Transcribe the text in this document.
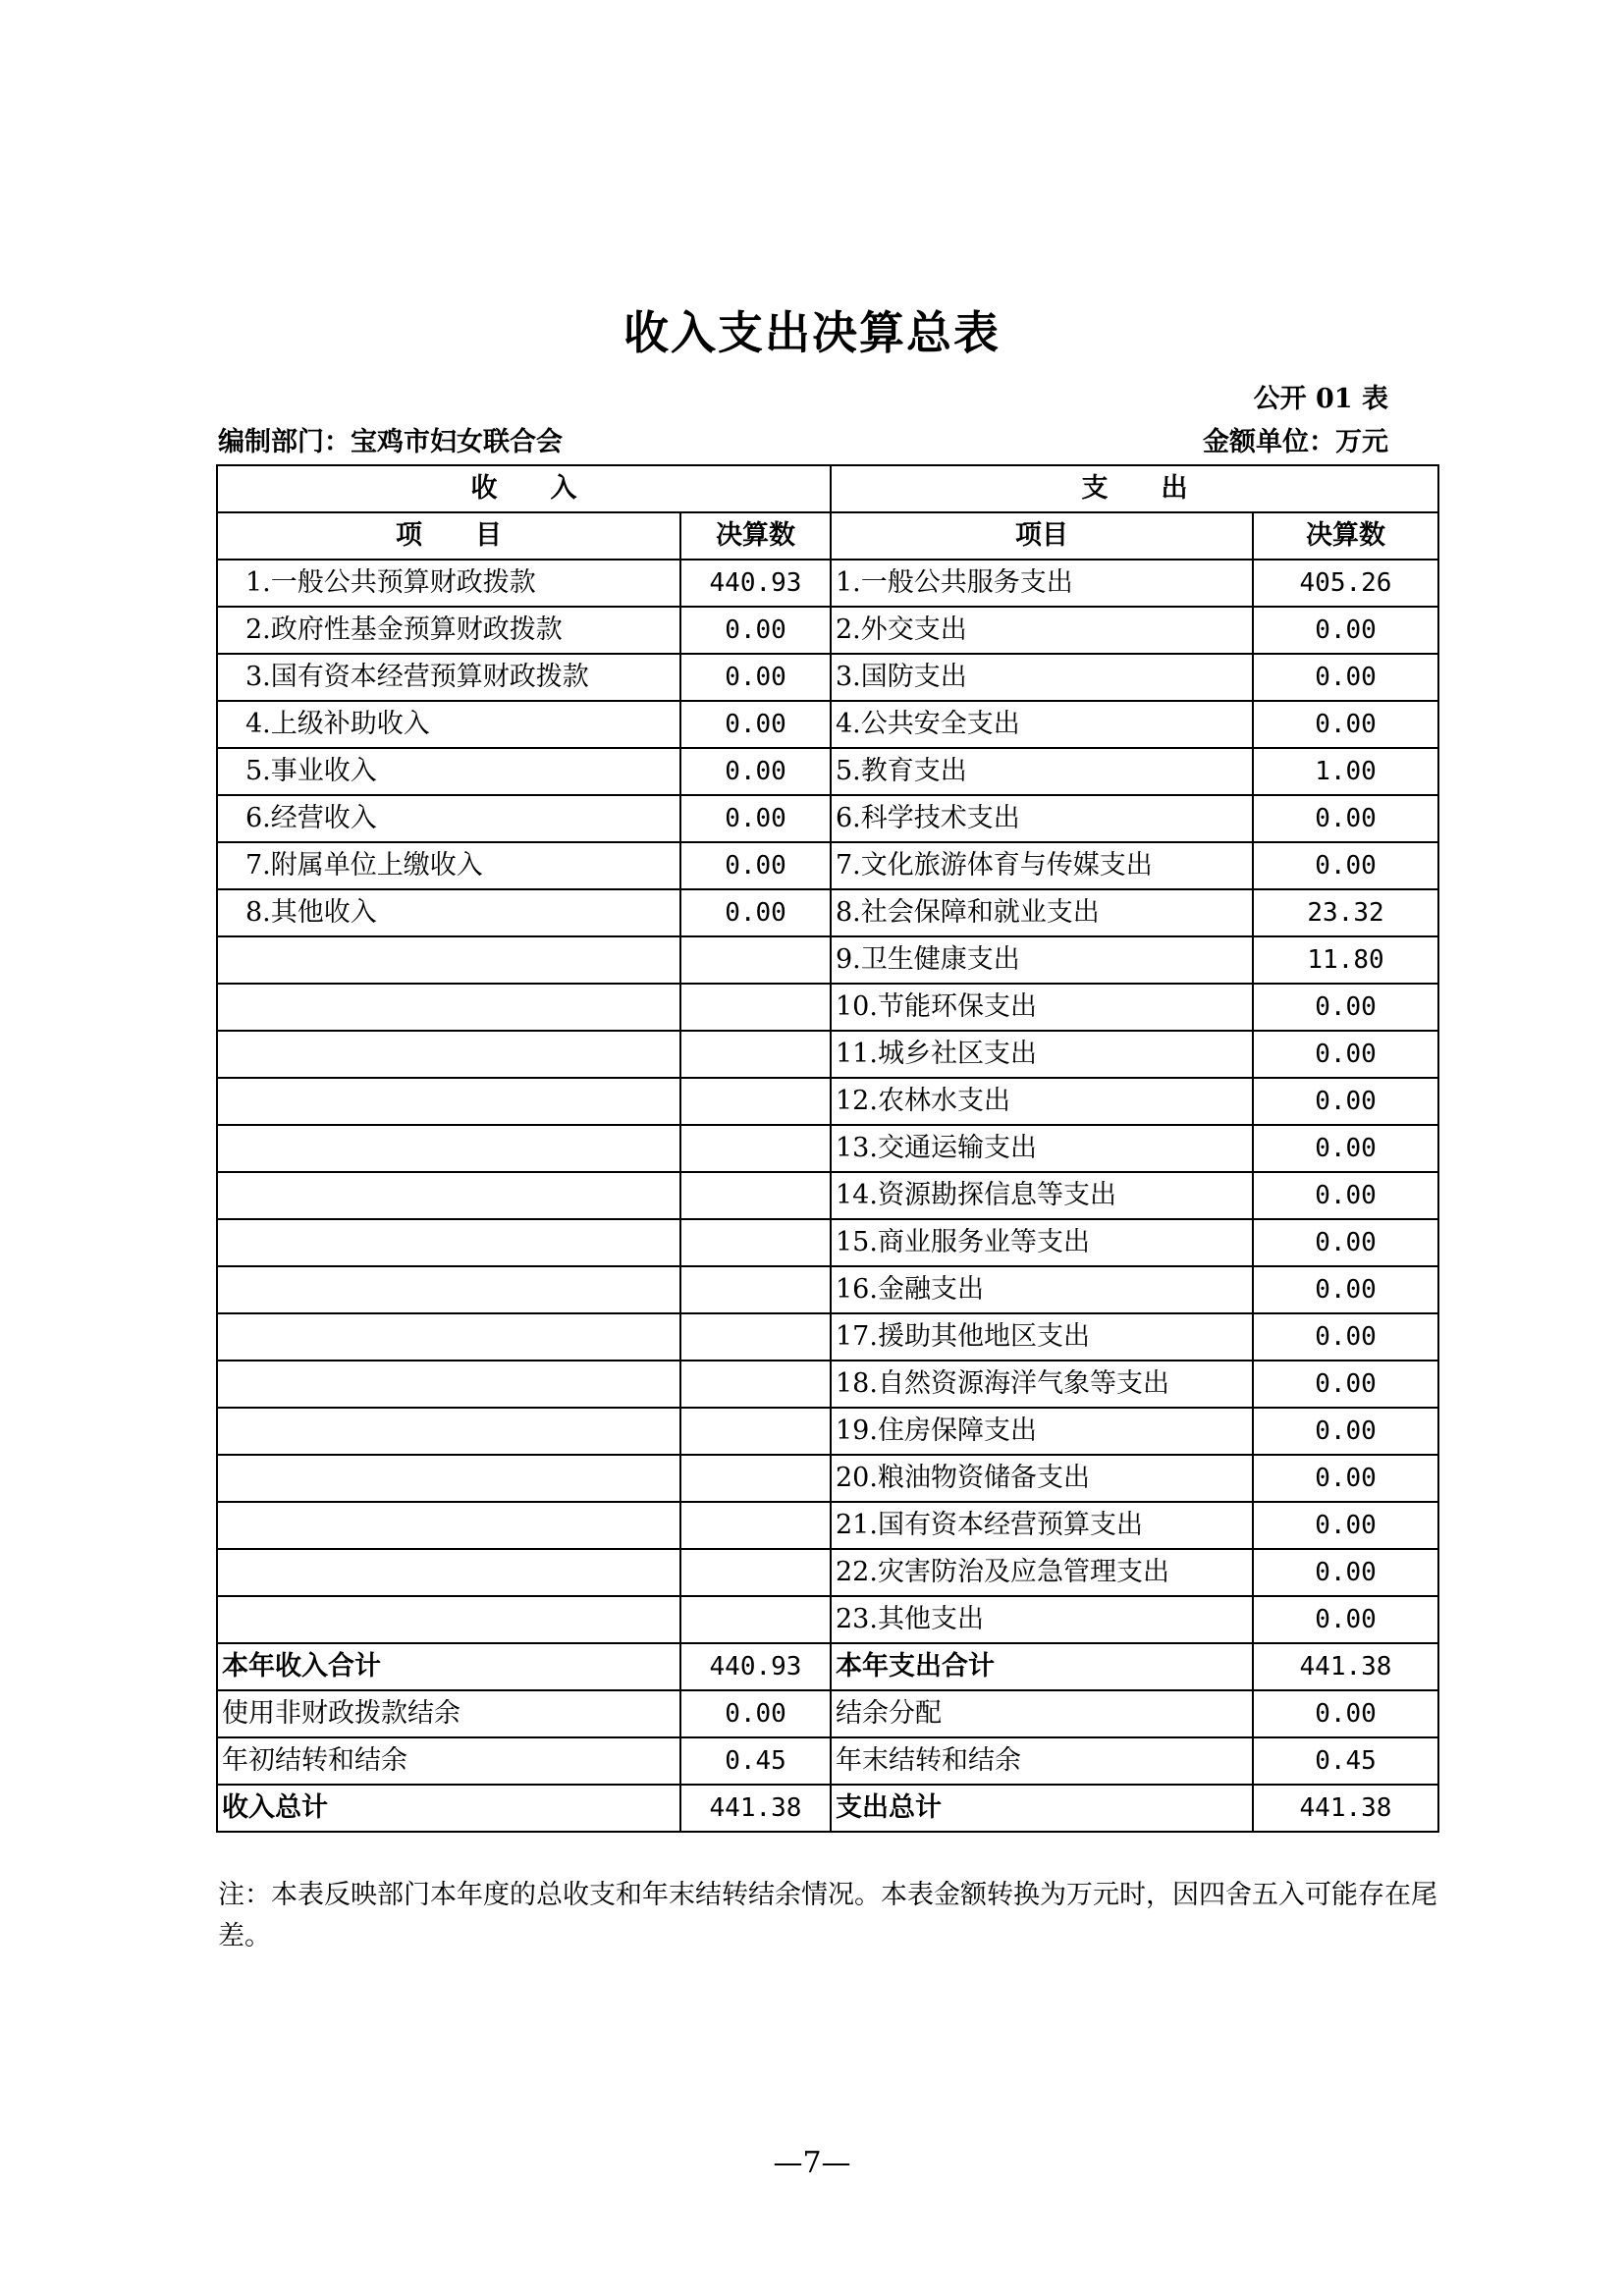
收入支出决算总表
公开 01 表
编制部门：宝鸡市妇女联合会	金额单位：万元
收　　入		支　　出	
项　　目	决算数	项目	决算数
1.一般公共预算财政拨款	440.93	1.一般公共服务支出	405.26
2.政府性基金预算财政拨款	0.00	2.外交支出	0.00
3.国有资本经营预算财政拨款	0.00	3.国防支出	0.00
4.上级补助收入	0.00	4.公共安全支出	0.00
5.事业收入	0.00	5.教育支出	1.00
6.经营收入	0.00	6.科学技术支出	0.00
7.附属单位上缴收入	0.00	7.文化旅游体育与传媒支出	0.00
8.其他收入	0.00	8.社会保障和就业支出	23.32
		9.卫生健康支出	11.80
		10.节能环保支出	0.00
		11.城乡社区支出	0.00
		12.农林水支出	0.00
		13.交通运输支出	0.00
		14.资源勘探信息等支出	0.00
		15.商业服务业等支出	0.00
		16.金融支出	0.00
		17.援助其他地区支出	0.00
		18.自然资源海洋气象等支出	0.00
		19.住房保障支出	0.00
		20.粮油物资储备支出	0.00
		21.国有资本经营预算支出	0.00
		22.灾害防治及应急管理支出	0.00
		23.其他支出	0.00
本年收入合计	440.93	本年支出合计	441.38
使用非财政拨款结余	0.00	结余分配	0.00
年初结转和结余	0.45	年末结转和结余	0.45
收入总计	441.38	支出总计	441.38
注：本表反映部门本年度的总收支和年末结转结余情况。本表金额转换为万元时，因四舍五入可能存在尾差。
—7—
